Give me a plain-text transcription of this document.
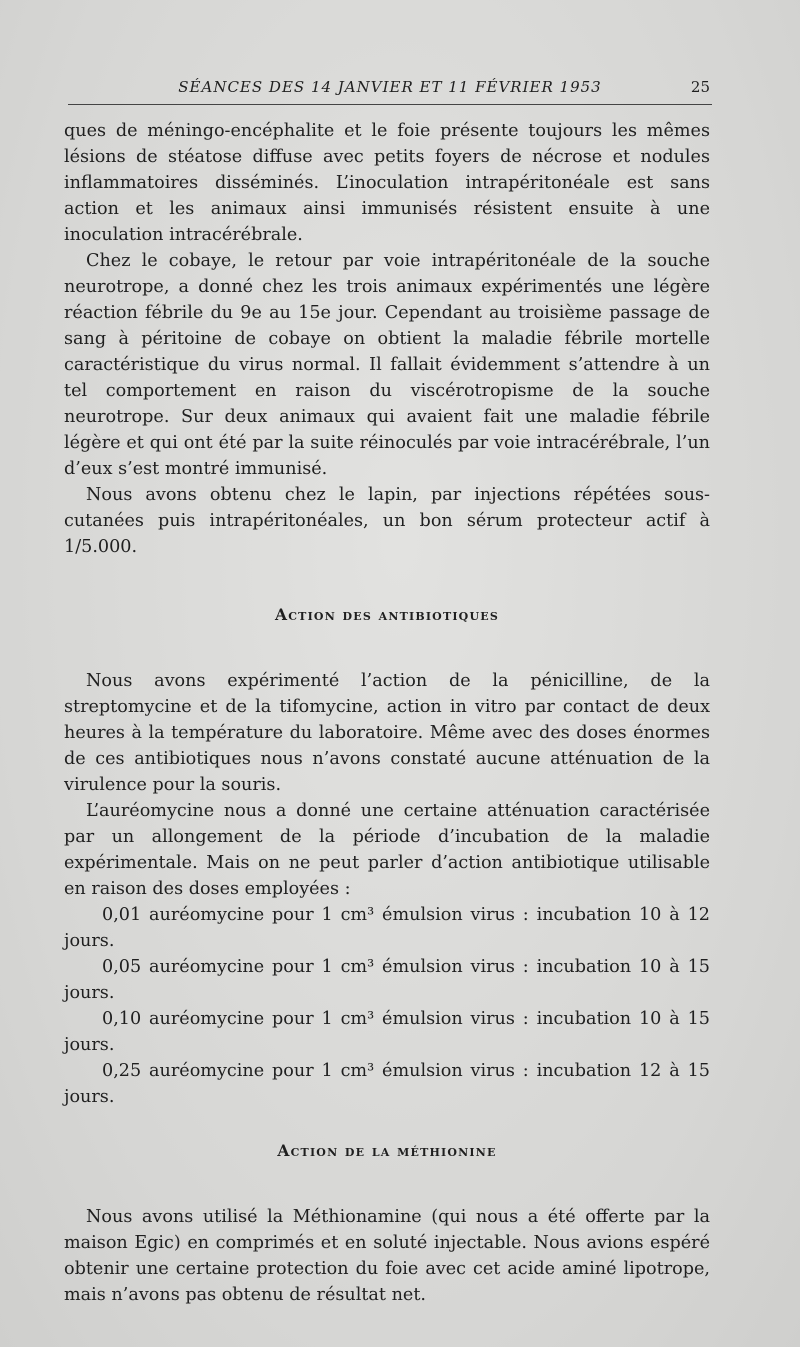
SÉANCES DES 14 JANVIER ET 11 FÉVRIER 1953	25

ques de méningo-encéphalite et le foie présente toujours les mêmes lésions de stéatose diffuse avec petits foyers de nécrose et nodules inflammatoires disséminés. L’inoculation intrapéritonéale est sans action et les animaux ainsi immunisés résistent ensuite à une inoculation intracérébrale.

Chez le cobaye, le retour par voie intrapéritonéale de la souche neurotrope, a donné chez les trois animaux expérimentés une légère réaction fébrile du 9e au 15e jour. Cependant au troisième passage de sang à péritoine de cobaye on obtient la maladie fébrile mortelle caractéristique du virus normal. Il fallait évidemment s’attendre à un tel comportement en raison du viscérotropisme de la souche neurotrope. Sur deux animaux qui avaient fait une maladie fébrile légère et qui ont été par la suite réinoculés par voie intracérébrale, l’un d’eux s’est montré immunisé.

Nous avons obtenu chez le lapin, par injections répétées sous-cutanées puis intrapéritonéales, un bon sérum protecteur actif à 1/5.000.

Action des antibiotiques

Nous avons expérimenté l’action de la pénicilline, de la streptomycine et de la tifomycine, action in vitro par contact de deux heures à la température du laboratoire. Même avec des doses énormes de ces antibiotiques nous n’avons constaté aucune atténuation de la virulence pour la souris.

L’auréomycine nous a donné une certaine atténuation caractérisée par un allongement de la période d’incubation de la maladie expérimentale. Mais on ne peut parler d’action antibiotique utilisable en raison des doses employées :

0,01 auréomycine pour 1 cm³ émulsion virus : incubation 10 à 12 jours.

0,05 auréomycine pour 1 cm³ émulsion virus : incubation 10 à 15 jours.

0,10 auréomycine pour 1 cm³ émulsion virus : incubation 10 à 15 jours.

0,25 auréomycine pour 1 cm³ émulsion virus : incubation 12 à 15 jours.

Action de la méthionine

Nous avons utilisé la Méthionamine (qui nous a été offerte par la maison Egic) en comprimés et en soluté injectable. Nous avions espéré obtenir une certaine protection du foie avec cet acide aminé lipotrope, mais n’avons pas obtenu de résultat net.
